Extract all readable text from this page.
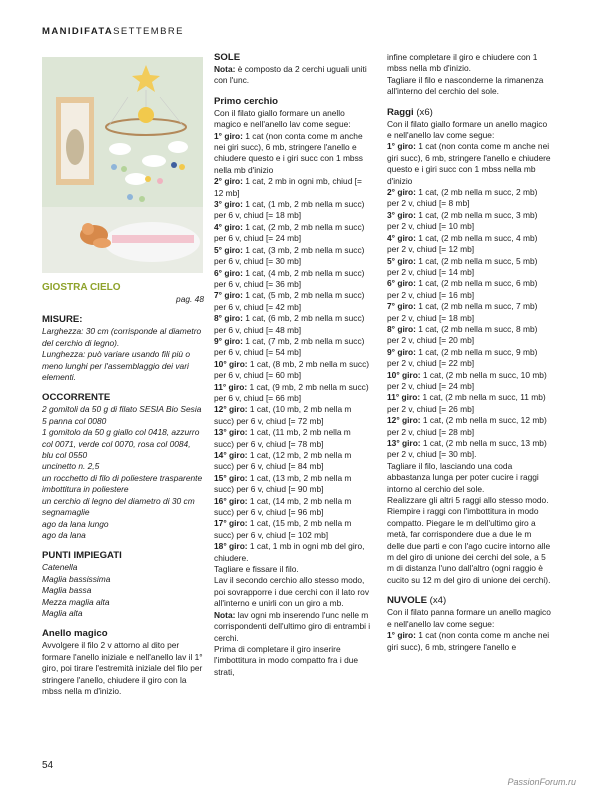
MANIDIFATASETTEMBRE
GIOSTRA CIELO
pag. 48
MISURE:

Larghezza: 30 cm (corrisponde al diametro del cerchio di legno).

Lunghezza: può variare usando fili più o meno lunghi per l'assemblaggio dei vari elementi.

OCCORRENTE

2 gomitoli da 50 g di filato SESIA Bio Sesia 5 panna col 0080

1 gomitolo da 50 g giallo col 0418, azzurro col 0071, verde col 0070, rosa col 0084, blu col 0550

uncinetto n. 2,5

un rocchetto di filo di poliestere trasparente

imbottitura in poliestere

un cerchio di legno del diametro di 30 cm

segnamaglie

ago da lana lungo

ago da lana

PUNTI IMPIEGATI

Catenella

Maglia bassissima

Maglia bassa

Mezza maglia alta

Maglia alta

Anello magico

Avvolgere il filo 2 v attorno al dito per formare l'anello iniziale e nell'anello lav il 1° giro, poi tirare l'estremità iniziale del filo per stringere l'anello, chiudere il giro con la mbss nella m d'inizio.

SOLE

Nota: è composto da 2 cerchi uguali uniti con l'unc.

Primo cerchio

Con il filato giallo formare un anello magico e nell'anello lav come segue:

1° giro: 1 cat (non conta come m anche nei giri succ), 6 mb, stringere l'anello e chiudere questo e i giri succ con 1 mbss nella mb d'inizio

2° giro: 1 cat, 2 mb in ogni mb, chiud [= 12 mb]

3° giro: 1 cat, (1 mb, 2 mb nella m succ) per 6 v, chiud [= 18 mb]

4° giro: 1 cat, (2 mb, 2 mb nella m succ) per 6 v, chiud [= 24 mb]

5° giro: 1 cat, (3 mb, 2 mb nella m succ) per 6 v, chiud [= 30 mb]

6° giro: 1 cat, (4 mb, 2 mb nella m succ) per 6 v, chiud [= 36 mb]

7° giro: 1 cat, (5 mb, 2 mb nella m succ) per 6 v, chiud [= 42 mb]

8° giro: 1 cat, (6 mb, 2 mb nella m succ) per 6 v, chiud [= 48 mb]

9° giro: 1 cat, (7 mb, 2 mb nella m succ) per 6 v, chiud [= 54 mb]

10° giro: 1 cat, (8 mb, 2 mb nella m succ) per 6 v, chiud [= 60 mb]

11° giro: 1 cat, (9 mb, 2 mb nella m succ) per 6 v, chiud [= 66 mb]

12° giro: 1 cat, (10 mb, 2 mb nella m succ) per 6 v, chiud [= 72 mb]

13° giro: 1 cat, (11 mb, 2 mb nella m succ) per 6 v, chiud [= 78 mb]

14° giro: 1 cat, (12 mb, 2 mb nella m succ) per 6 v, chiud [= 84 mb]

15° giro: 1 cat, (13 mb, 2 mb nella m succ) per 6 v, chiud [= 90 mb]

16° giro: 1 cat, (14 mb, 2 mb nella m succ) per 6 v, chiud [= 96 mb]

17° giro: 1 cat, (15 mb, 2 mb nella m succ) per 6 v, chiud [= 102 mb]

18° giro: 1 cat, 1 mb in ogni mb del giro, chiudere.

Tagliare e fissare il filo.

Lav il secondo cerchio allo stesso modo, poi sovrapporre i due cerchi con il lato rov all'interno e unirli con un giro a mb.

Nota: lav ogni mb inserendo l'unc nelle m corrispondenti dell'ultimo giro di entrambi i cerchi.

Prima di completare il giro inserire l'imbottitura in modo compatto fra i due strati,

infine completare il giro e chiudere con 1 mbss nella mb d'inizio.

Tagliare il filo e nasconderne la rimanenza all'interno del cerchio del sole.

Raggi (x6)

Con il filato giallo formare un anello magico e nell'anello lav come segue:

1° giro: 1 cat (non conta come m anche nei giri succ), 6 mb, stringere l'anello e chiudere questo e i giri succ con 1 mbss nella mb d'inizio

2° giro: 1 cat, (2 mb nella m succ, 2 mb) per 2 v, chiud [= 8 mb]

3° giro: 1 cat, (2 mb nella m succ, 3 mb) per 2 v, chiud [= 10 mb]

4° giro: 1 cat, (2 mb nella m succ, 4 mb) per 2 v, chiud [= 12 mb]

5° giro: 1 cat, (2 mb nella m succ, 5 mb) per 2 v, chiud [= 14 mb]

6° giro: 1 cat, (2 mb nella m succ, 6 mb) per 2 v, chiud [= 16 mb]

7° giro: 1 cat, (2 mb nella m succ, 7 mb) per 2 v, chiud [= 18 mb]

8° giro: 1 cat, (2 mb nella m succ, 8 mb) per 2 v, chiud [= 20 mb]

9° giro: 1 cat, (2 mb nella m succ, 9 mb) per 2 v, chiud [= 22 mb]

10° giro: 1 cat, (2 mb nella m succ, 10 mb) per 2 v, chiud [= 24 mb]

11° giro: 1 cat, (2 mb nella m succ, 11 mb) per 2 v, chiud [= 26 mb]

12° giro: 1 cat, (2 mb nella m succ, 12 mb) per 2 v, chiud [= 28 mb]

13° giro: 1 cat, (2 mb nella m succ, 13 mb) per 2 v, chiud [= 30 mb].

Tagliare il filo, lasciando una coda abbastanza lunga per poter cucire i raggi intorno al cerchio del sole.

Realizzare gli altri 5 raggi allo stesso modo. Riempire i raggi con l'imbottitura in modo compatto. Piegare le m dell'ultimo giro a metà, far corrispondere due a due le m delle due parti e con l'ago cucire intorno alle m del giro di unione dei cerchi del sole, a 5 m di distanza l'uno dall'altro (ogni raggio è cucito su 12 m del giro di unione dei cerchi).

NUVOLE (x4)

Con il filato panna formare un anello magico e nell'anello lav come segue:

1° giro: 1 cat (non conta come m anche nei giri succ), 6 mb, stringere l'anello e

54
PassionForum.ru
